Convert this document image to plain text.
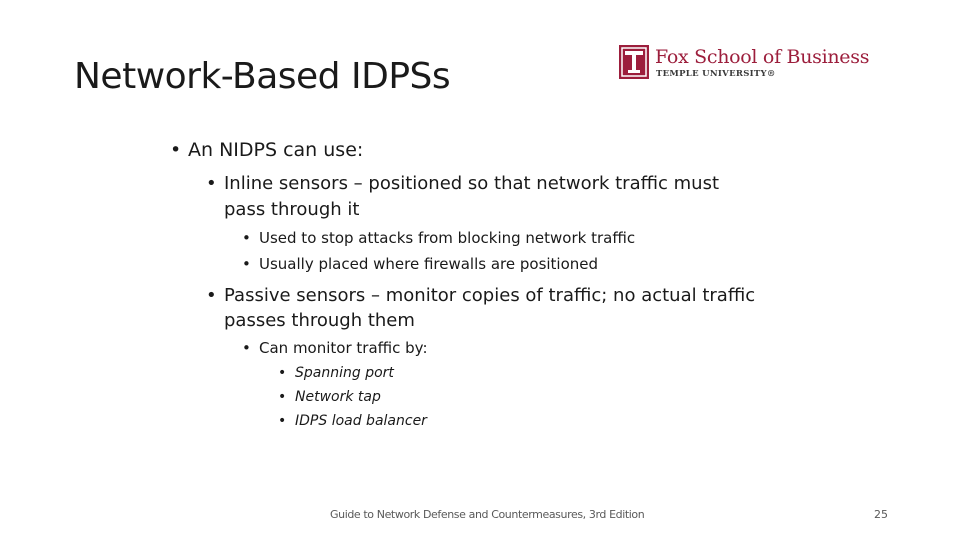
Network-Based IDPSs	Fox School of Business
TEMPLE UNIVERSITY®
• An NIDPS can use:
• Inline sensors – positioned so that network traffic must
pass through it
• Used to stop attacks from blocking network traffic
• Usually placed where firewalls are positioned
• Passive sensors – monitor copies of traffic; no actual traffic
passes through them
• Can monitor traffic by:
• Spanning port
• Network tap
• IDPS load balancer
Guide to Network Defense and Countermeasures, 3rd Edition	25
